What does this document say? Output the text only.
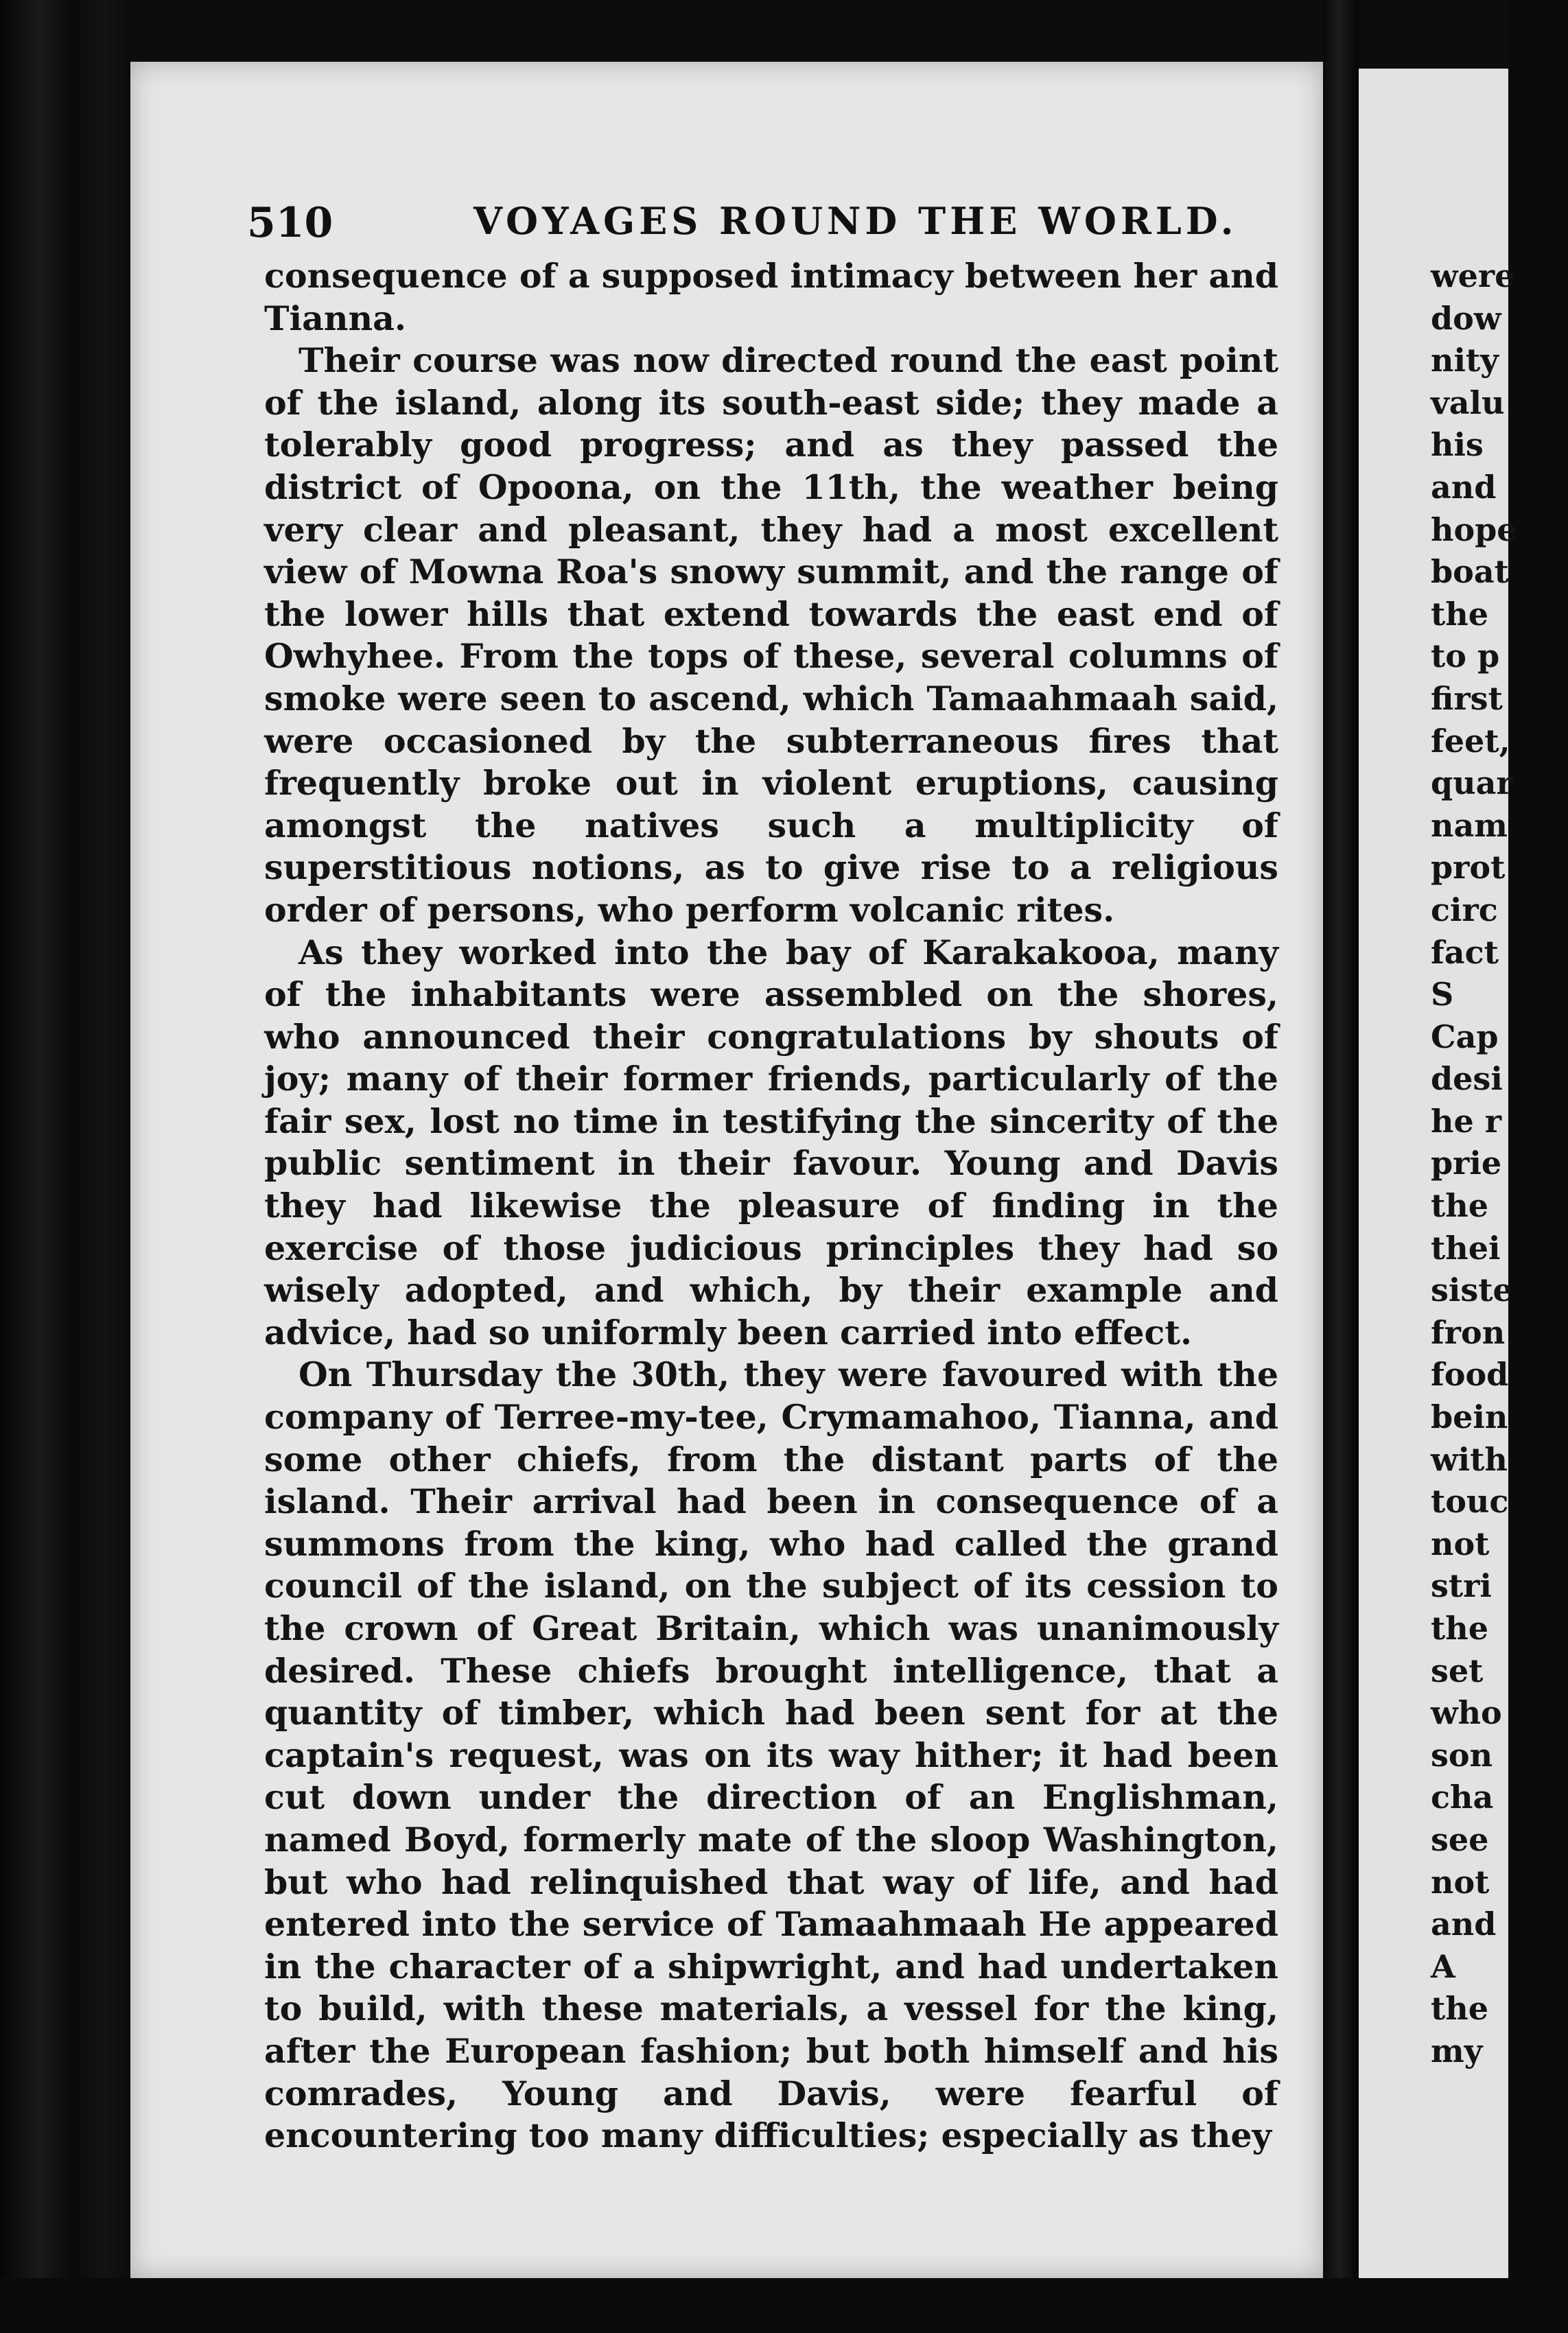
510	VOYAGES ROUND THE WORLD.

consequence of a supposed intimacy between her and Tianna.

Their course was now directed round the east point of the island, along its south-east side; they made a tolerably good progress; and as they passed the district of Opoona, on the 11th, the weather being very clear and pleasant, they had a most excellent view of Mowna Roa's snowy summit, and the range of the lower hills that extend towards the east end of Owhyhee. From the tops of these, several columns of smoke were seen to ascend, which Tamaahmaah said, were occasioned by the subterraneous fires that frequently broke out in violent eruptions, causing amongst the natives such a multiplicity of superstitious notions, as to give rise to a religious order of persons, who perform volcanic rites.

As they worked into the bay of Karakakooa, many of the inhabitants were assembled on the shores, who announced their congratulations by shouts of joy; many of their former friends, particularly of the fair sex, lost no time in testifying the sincerity of the public sentiment in their favour. Young and Davis they had likewise the pleasure of finding in the exercise of those judicious principles they had so wisely adopted, and which, by their example and advice, had so uniformly been carried into effect.

On Thursday the 30th, they were favoured with the company of Terree-my-tee, Crymamahoo, Tianna, and some other chiefs, from the distant parts of the island. Their arrival had been in consequence of a summons from the king, who had called the grand council of the island, on the subject of its cession to the crown of Great Britain, which was unanimously desired. These chiefs brought intelligence, that a quantity of timber, which had been sent for at the captain's request, was on its way hither; it had been cut down under the direction of an Englishman, named Boyd, formerly mate of the sloop Washington, but who had relinquished that way of life, and had entered into the service of Tamaahmaah He appeared in the character of a shipwright, and had undertaken to build, with these materials, a vessel for the king, after the European fashion; but both himself and his comrades, Young and Davis, were fearful of encountering too many difficulties; especially as they

were
dow
nity
valu
his
and
hope
boat
the
to p
first
feet,
quar
nam
prot
circ
fact
S
Cap
desi
he r
prie
the
thei
siste
fron
food
bein
with
touc
not
stri
the
set
who
son
cha
see
not
and
A
the
my
